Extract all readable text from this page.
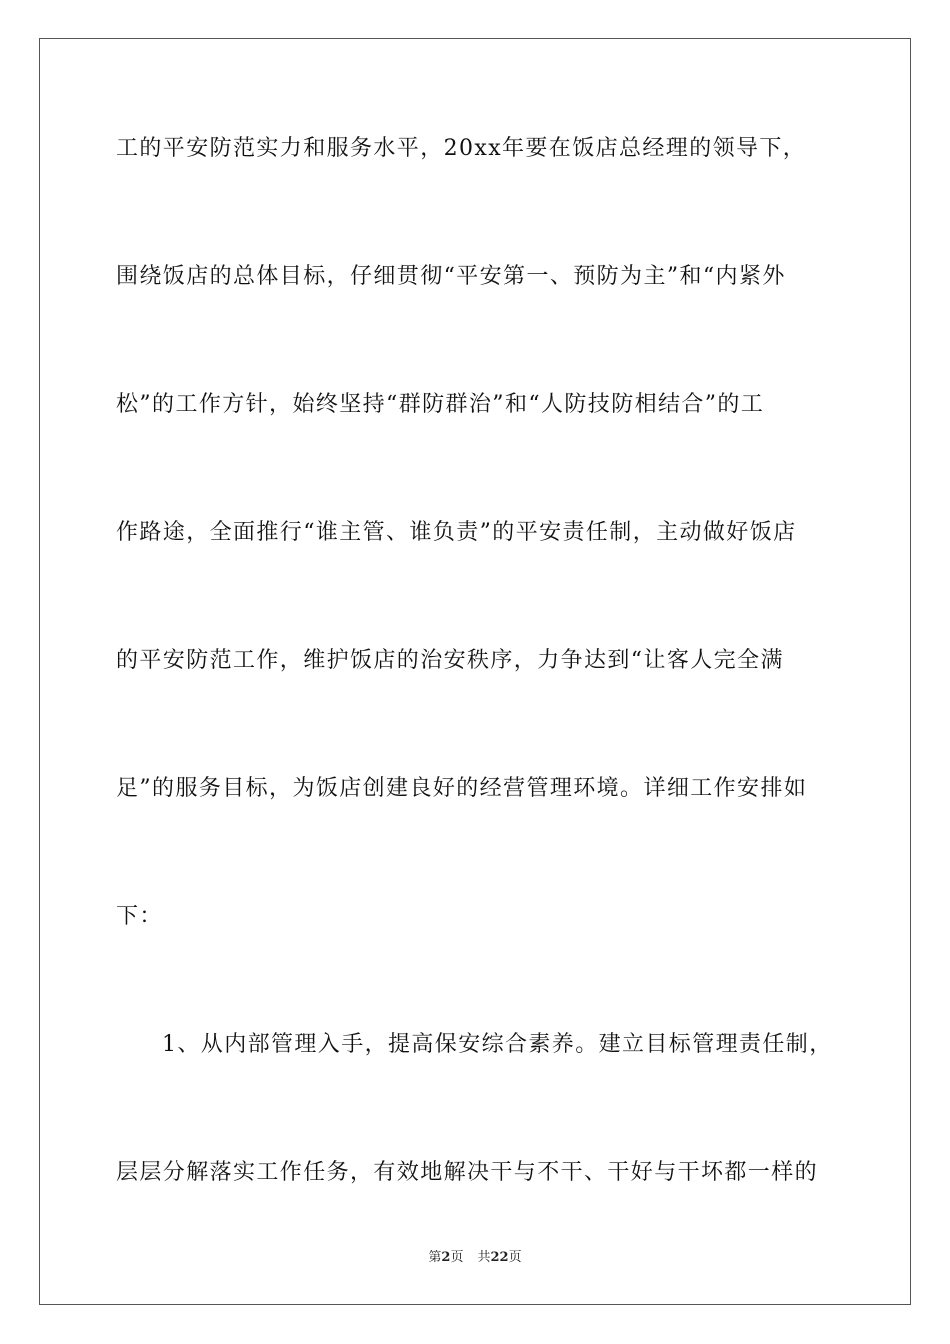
工的平安防范实力和服务水平，20xx年要在饭店总经理的领导下，
围绕饭店的总体目标，仔细贯彻“平安第一、预防为主”和“内紧外
松”的工作方针，始终坚持“群防群治”和“人防技防相结合”的工
作路途，全面推行“谁主管、谁负责”的平安责任制，主动做好饭店
的平安防范工作，维护饭店的治安秩序，力争达到“让客人完全满
足”的服务目标，为饭店创建良好的经营管理环境。详细工作安排如
下：
1、从内部管理入手，提高保安综合素养。建立目标管理责任制，
层层分解落实工作任务，有效地解决干与不干、干好与干坏都一样的
第2页 共22页
